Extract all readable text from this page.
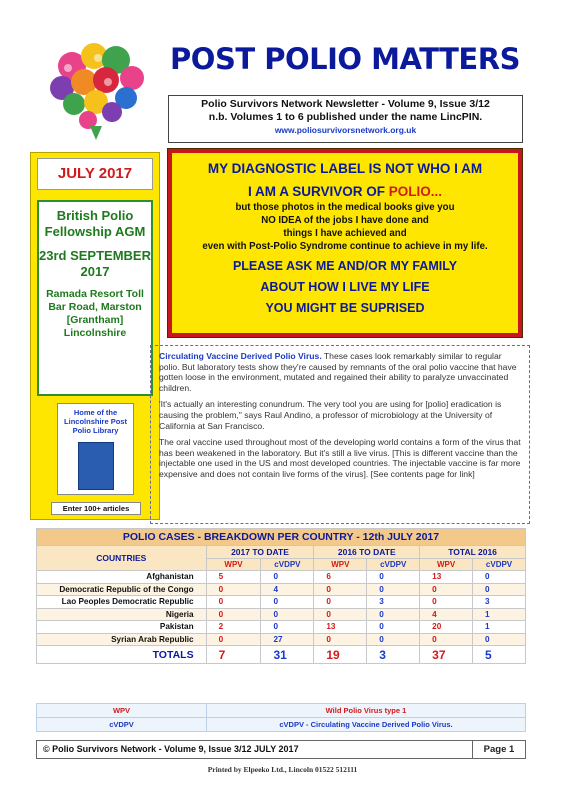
POST POLIO MATTERS
Polio Survivors Network Newsletter - Volume 9, Issue 3/12
n.b. Volumes 1 to 6 published under the name LincPIN.
www.poliosurvivorsnetwork.org.uk
JULY 2017
British Polio Fellowship AGM
23rd SEPTEMBER 2017
Ramada Resort Toll Bar Road, Marston [Grantham] Lincolnshire
Home of the Lincolnshire Post Polio Library
Enter 100+ articles
MY DIAGNOSTIC LABEL IS NOT WHO I AM
I AM A SURVIVOR OF POLIO...
but those photos in the medical books give you
NO IDEA of the jobs I have done and
things I have achieved and
even with Post-Polio Syndrome continue to achieve in my life.
PLEASE ASK ME AND/OR MY FAMILY
ABOUT HOW I LIVE MY LIFE
YOU MIGHT BE SUPRISED

Circulating Vaccine Derived Polio Virus. These cases look remarkably similar to regular polio. But laboratory tests show they're caused by remnants of the oral polio vaccine that have gotten loose in the environment, mutated and regained their ability to paralyze unvaccinated children.

'It's actually an interesting conundrum. The very tool you are using for [polio] eradication is causing the problem," says Raul Andino, a professor of microbiology at the University of California at San Francisco.

The oral vaccine used throughout most of the developing world contains a form of the virus that has been weakened in the laboratory. But it's still a live virus. [This is different vaccine than the injectable one used in the US and most developed countries. The injectable vaccine is far more expensive and does not contain live forms of the virus]. [See contents page for link]

POLIO CASES - BREAKDOWN PER COUNTRY - 12th JULY 2017						
COUNTRIES	2017 TO DATE		2016 TO DATE		TOTAL 2016	
	WPV	cVDPV	WPV	cVDPV	WPV	cVDPV
Afghanistan	5	0	6	0	13	0
Democratic Republic of the Congo	0	4	0	0	0	0
Lao Peoples Democratic Republic	0	0	0	3	0	3
Nigeria	0	0	0	0	4	1
Pakistan	2	0	13	0	20	1
Syrian Arab Republic	0	27	0	0	0	0
TOTALS	7	31	19	3	37	5
WPV	Wild Polio Virus type 1
cVDPV	cVDPV - Circulating Vaccine Derived Polio Virus.
© Polio Survivors Network - Volume 9, Issue 3/12 JULY 2017	Page 1
Printed by Elpeeko Ltd., Lincoln 01522 512111
